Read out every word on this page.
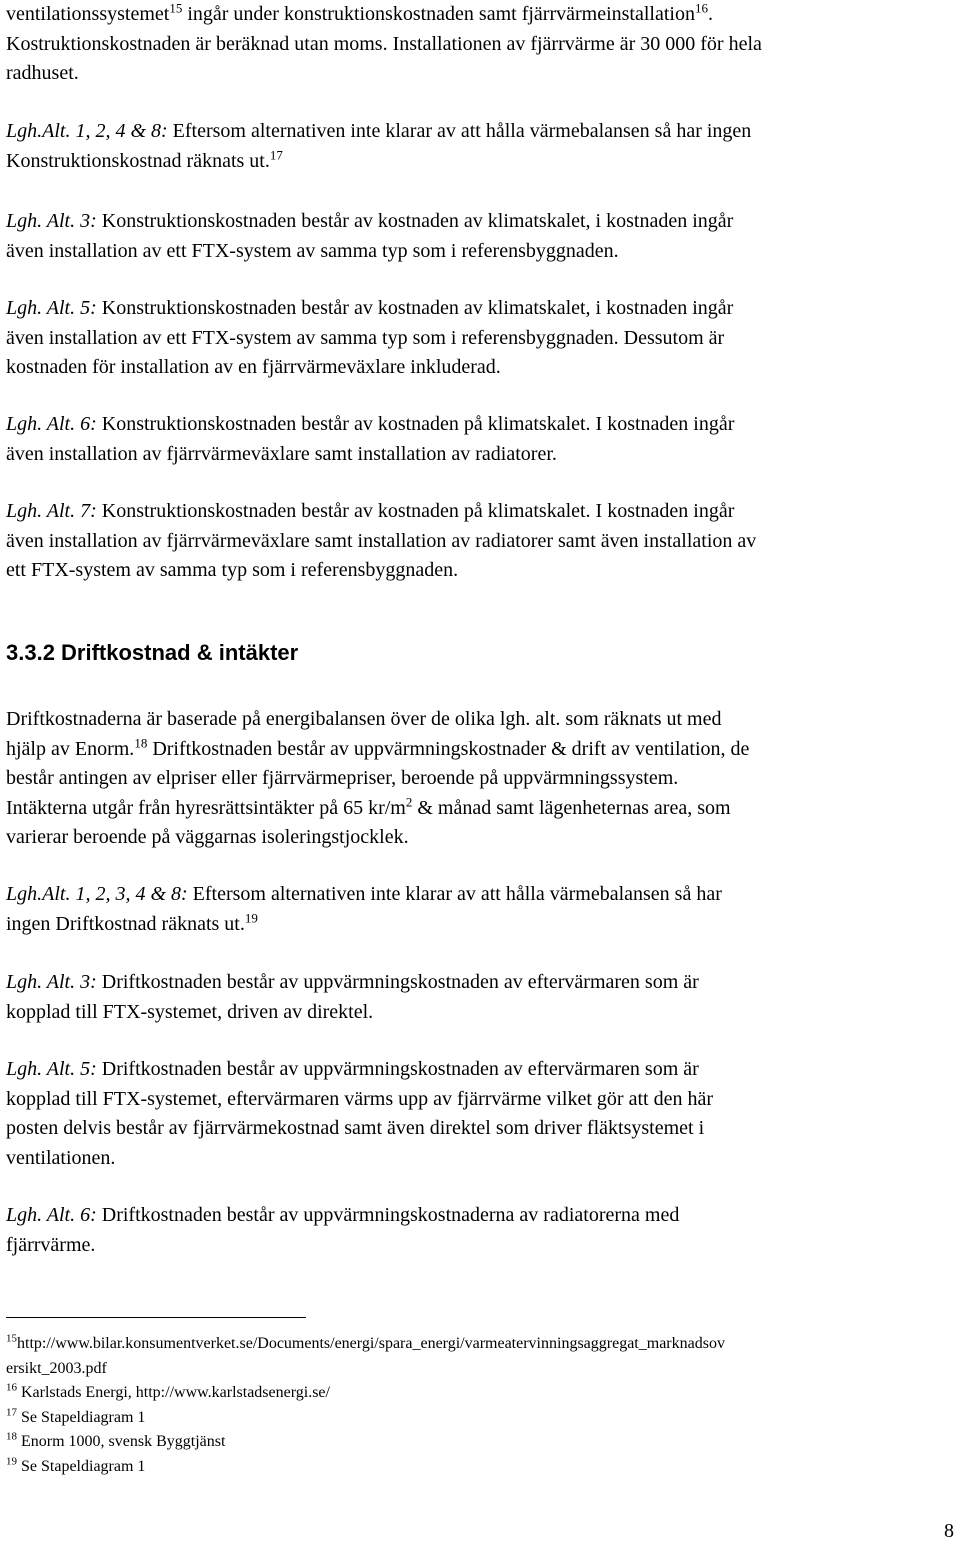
ventilationssystemet$^{15}$ ingår under konstruktionskostnaden samt fjärrvärmeinstallation$^{16}$.

Kostruktionskostnaden är beräknad utan moms. Installationen av fjärrvärme är 30 000 för hela

radhuset.

Lgh.Alt. 1, 2, 4 & 8: Eftersom alternativen inte klarar av att hålla värmebalansen så har ingen

Konstruktionskostnad räknats ut.$^{17}$

Lgh. Alt. 3: Konstruktionskostnaden består av kostnaden av klimatskalet, i kostnaden ingår

även installation av ett FTX-system av samma typ som i referensbyggnaden.

Lgh. Alt. 5: Konstruktionskostnaden består av kostnaden av klimatskalet, i kostnaden ingår

även installation av ett FTX-system av samma typ som i referensbyggnaden. Dessutom är

kostnaden för installation av en fjärrvärmeväxlare inkluderad.

Lgh. Alt. 6: Konstruktionskostnaden består av kostnaden på klimatskalet. I kostnaden ingår

även installation av fjärrvärmeväxlare samt installation av radiatorer.

Lgh. Alt. 7: Konstruktionskostnaden består av kostnaden på klimatskalet. I kostnaden ingår

även installation av fjärrvärmeväxlare samt installation av radiatorer samt även installation av

ett FTX-system av samma typ som i referensbyggnaden.

3.3.2 Driftkostnad & intäkter

Driftkostnaderna är baserade på energibalansen över de olika lgh. alt. som räknats ut med

hjälp av Enorm.$^{18}$ Driftkostnaden består av uppvärmningskostnader & drift av ventilation, de

består antingen av elpriser eller fjärrvärmepriser, beroende på uppvärmningssystem.

Intäkterna utgår från hyresrättsintäkter på 65 $kr/m^2$ & månad samt lägenheternas area, som

varierar beroende på väggarnas isoleringstjocklek.

Lgh.Alt. 1, 2, 3, 4 & 8: Eftersom alternativen inte klarar av att hålla värmebalansen så har

ingen Driftkostnad räknats ut.$^{19}$

Lgh. Alt. 3: Driftkostnaden består av uppvärmningskostnaden av eftervärmaren som är

kopplad till FTX-systemet, driven av direktel.

Lgh. Alt. 5: Driftkostnaden består av uppvärmningskostnaden av eftervärmaren som är

kopplad till FTX-systemet, eftervärmaren värms upp av fjärrvärme vilket gör att den här

posten delvis består av fjärrvärmekostnad samt även direktel som driver fläktsystemet i

ventilationen.

Lgh. Alt. 6: Driftkostnaden består av uppvärmningskostnaderna av radiatorerna med

fjärrvärme.

$^{15}$http://www.bilar.konsumentverket.se/Documents/energi/spara_energi/varmeatervinningsaggregat_marknadsov

ersikt_2003.pdf

$^{16}$ Karlstads Energi, http://www.karlstadsenergi.se/

$^{17}$ Se Stapeldiagram 1

$^{18}$ Enorm 1000, svensk Byggtjänst

$^{19}$ Se Stapeldiagram 1

8
